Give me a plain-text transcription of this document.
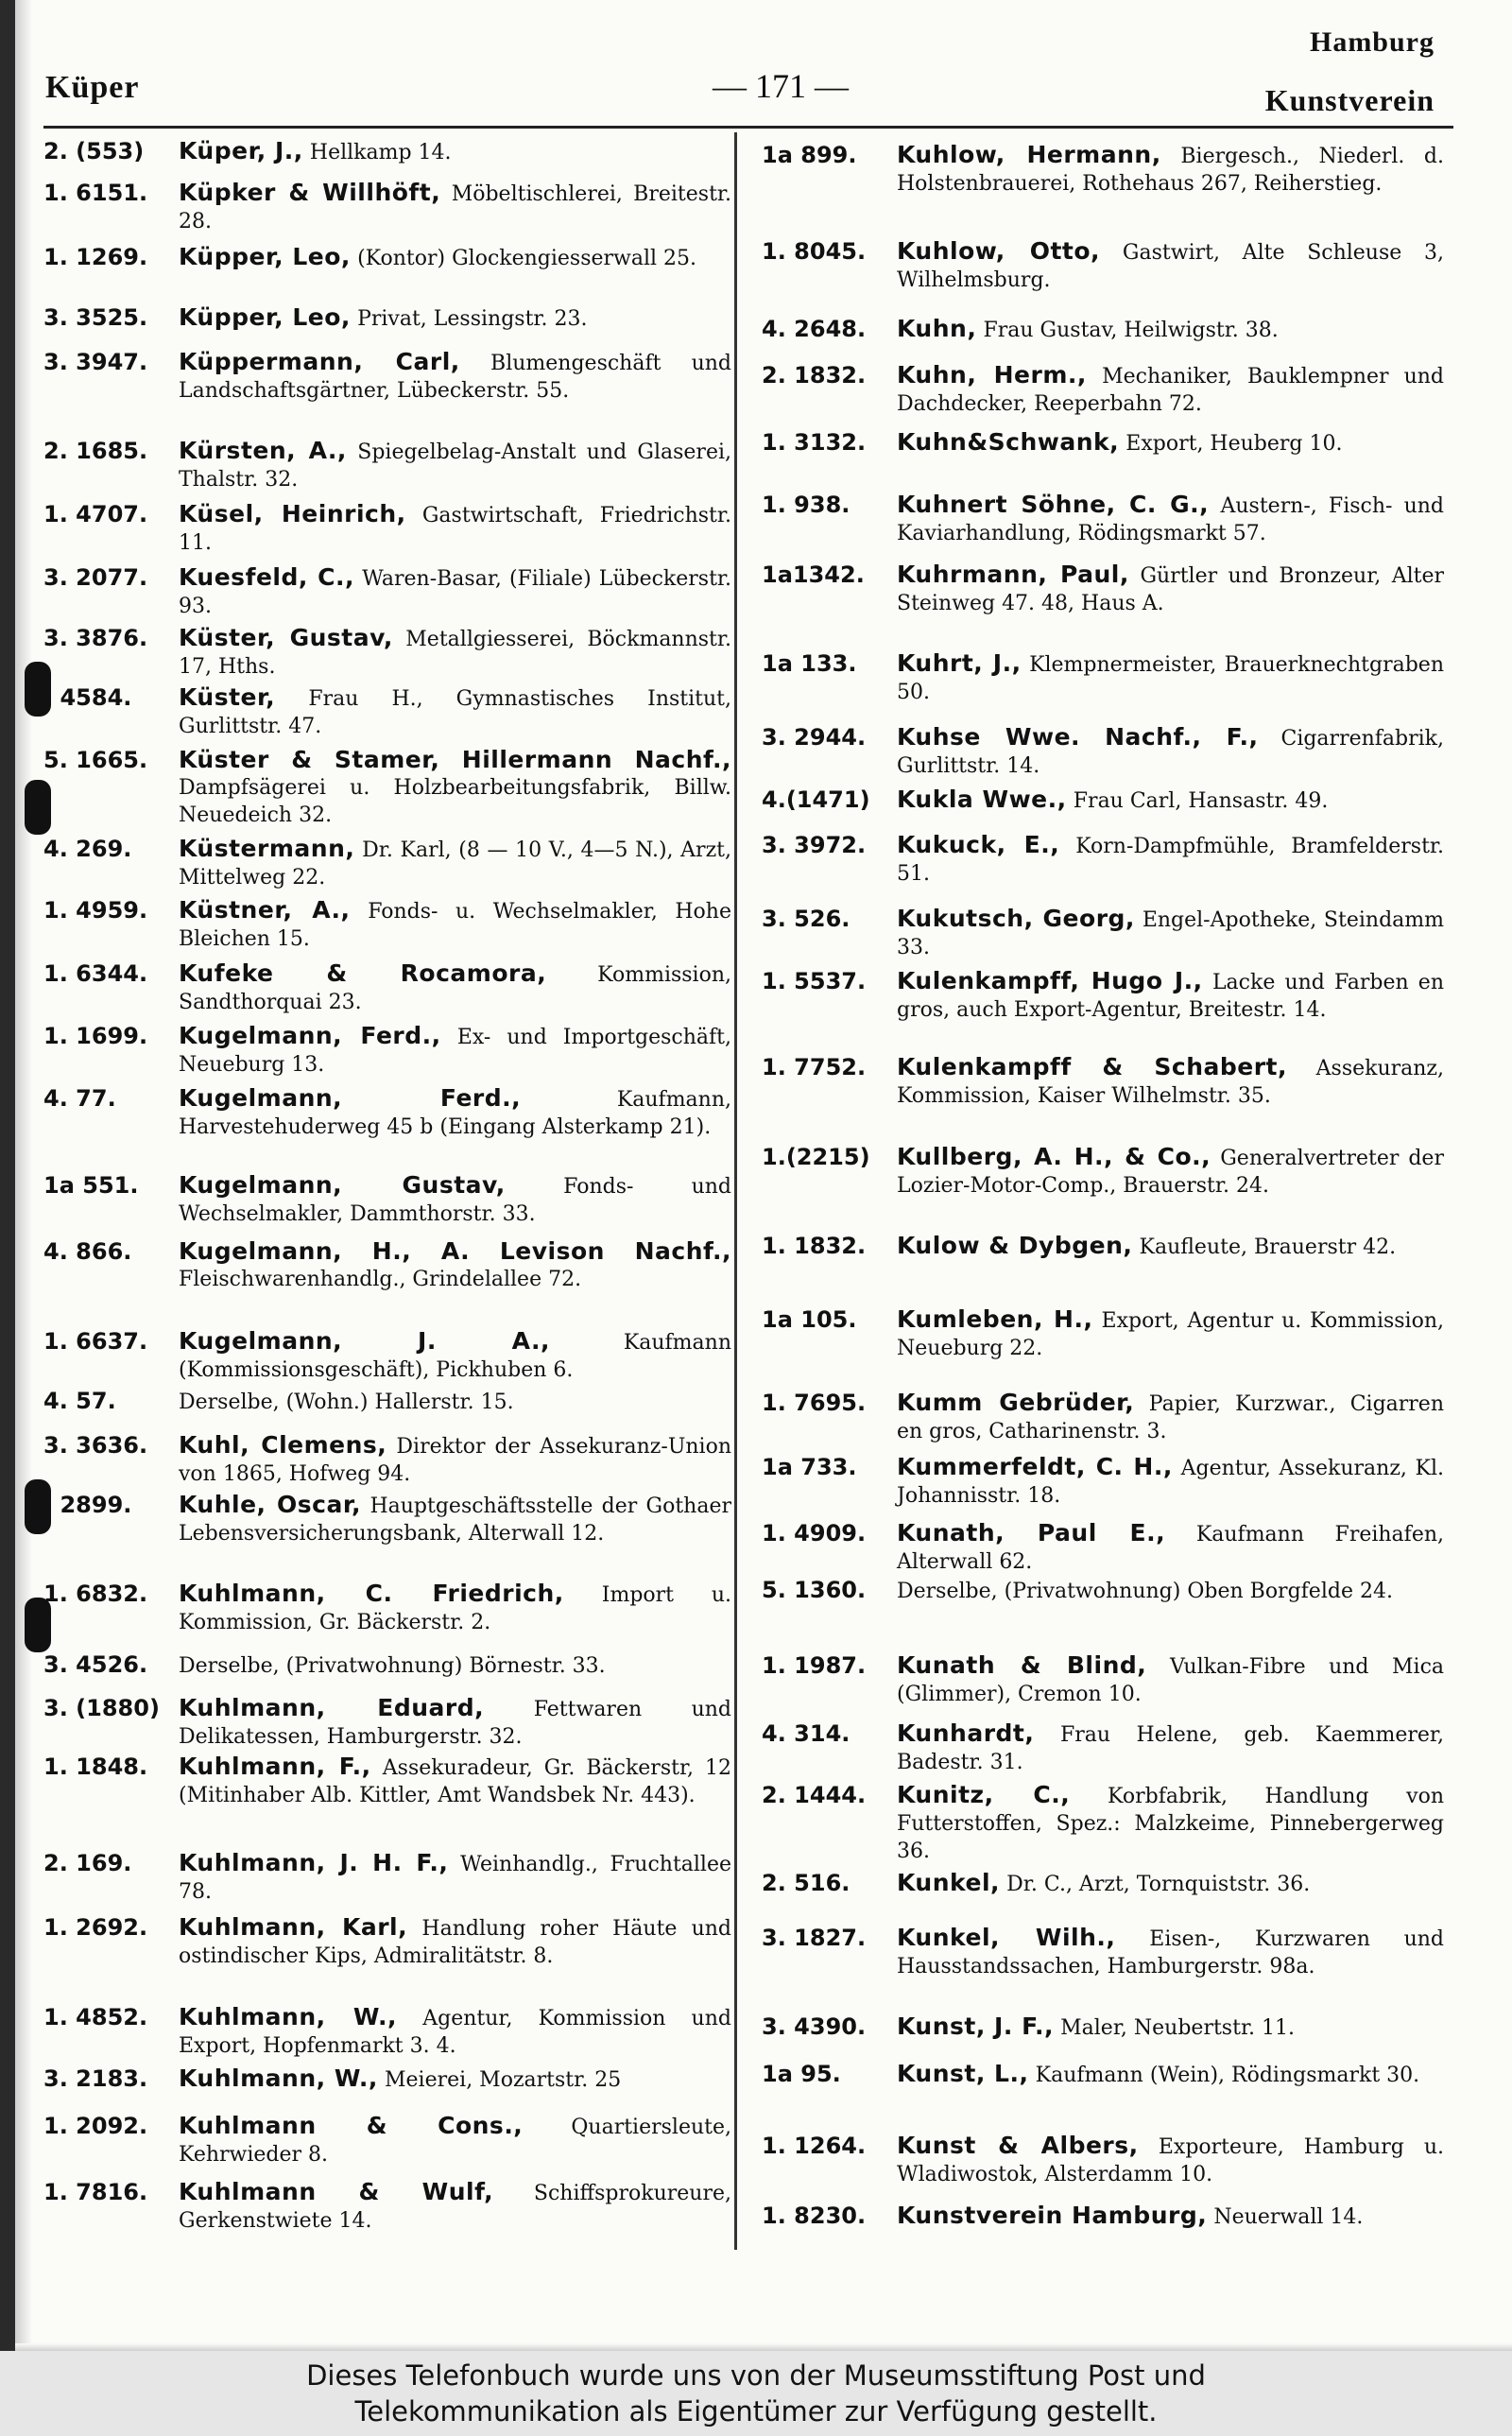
Küper	— 171 —
Hamburg
Kunstverein
2. (553)	Küper, J., Hellkamp 14.
1. 6151.	Küpker & Willhöft, Möbeltischlerei, Breitestr. 28.
1. 1269.	Küpper, Leo, (Kontor) Glockengiesserwall 25.
3. 3525.	Küpper, Leo, Privat, Lessingstr. 23.
3. 3947.	Küppermann, Carl, Blumengeschäft und Landschaftsgärtner, Lübeckerstr. 55.
2. 1685.	Kürsten, A., Spiegelbelag-Anstalt und Glaserei, Thalstr. 32.
1. 4707.	Küsel, Heinrich, Gastwirtschaft, Friedrichstr. 11.
3. 2077.	Kuesfeld, C., Waren-Basar, (Filiale) Lübeckerstr. 93.
3. 3876.	Küster, Gustav, Metallgiesserei, Böckmannstr. 17, Hths.
. 4584.	Küster, Frau H., Gymnastisches Institut, Gurlittstr. 47.
5. 1665.	Küster & Stamer, Hillermann Nachf., Dampfsägerei u. Holzbearbeitungsfabrik, Billw. Neuedeich 32.
4. 269.	Küstermann, Dr. Karl, (8 — 10 V., 4—5 N.), Arzt, Mittelweg 22.
1. 4959.	Küstner, A., Fonds- u. Wechselmakler, Hohe Bleichen 15.
1. 6344.	Kufeke & Rocamora, Kommission, Sandthorquai 23.
1. 1699.	Kugelmann, Ferd., Ex- und Importgeschäft, Neueburg 13.
4. 77.	Kugelmann, Ferd.,	Kaufmann, Harvestehuderweg 45 b (Eingang Alsterkamp 21).
1a 551.	Kugelmann, Gustav,	Fonds- und Wechselmakler, Dammthorstr. 33.
4. 866.	Kugelmann, H., A. Levison Nachf., Fleischwarenhandlg., Grindelallee 72.
1. 6637.	Kugelmann, J. A.,	Kaufmann (Kommissionsgeschäft), Pickhuben 6.
4. 57.	Derselbe, (Wohn.) Hallerstr. 15.
3. 3636.	Kuhl, Clemens, Direktor der Assekuranz-Union von 1865, Hofweg 94.
. 2899.	Kuhle, Oscar, Hauptgeschäftsstelle der Gothaer Lebensversicherungsbank, Alterwall 12.
1. 6832.	Kuhlmann, C. Friedrich, Import u. Kommission, Gr. Bäckerstr. 2.
3. 4526.	Derselbe, (Privatwohnung) Börnestr. 33.
3. (1880) Kuhlmann, Eduard, Fettwaren und Delikatessen, Hamburgerstr. 32.
1. 1848.	Kuhlmann, F., Assekuradeur, Gr. Bäckerstr, 12 (Mitinhaber Alb. Kittler, Amt Wandsbek Nr. 443).
2. 169.	Kuhlmann, J. H. F., Weinhandlg., Fruchtallee 78.
1. 2692.	Kuhlmann, Karl, Handlung roher Häute und ostindischer Kips, Admiralitätstr. 8.
1. 4852.	Kuhlmann, W., Agentur, Kommission und Export, Hopfenmarkt 3. 4.
3. 2183.	Kuhlmann, W., Meierei, Mozartstr. 25
1. 2092.	Kuhlmann & Cons., Quartiersleute, Kehrwieder 8.
1. 7816.	Kuhlmann & Wulf, Schiffsprokureure, Gerkenstwiete 14.
1a 899.	Kuhlow, Hermann, Biergesch., Niederl. d. Holstenbrauerei, Rothehaus 267, Reiherstieg.
1. 8045.	Kuhlow, Otto, Gastwirt, Alte Schleuse 3, Wilhelmsburg.
4. 2648.	Kuhn, Frau Gustav, Heilwigstr. 38.
2. 1832.	Kuhn, Herm., Mechaniker, Bauklempner und Dachdecker, Reeperbahn 72.
1. 3132.	Kuhn&Schwank, Export, Heuberg 10.
1. 938.	Kuhnert Söhne, C. G., Austern-, Fisch- und Kaviarhandlung, Rödingsmarkt 57.
1a1342.	Kuhrmann, Paul, Gürtler und Bronzeur, Alter Steinweg 47. 48, Haus A.
1a 133.	Kuhrt, J., Klempnermeister, Brauerknechtgraben 50.
3. 2944.	Kuhse Wwe. Nachf., F., Cigarrenfabrik, Gurlittstr. 14.
4.(1471)	Kukla Wwe., Frau Carl, Hansastr. 49.
3. 3972.	Kukuck, E., Korn-Dampfmühle, Bramfelderstr. 51.
3. 526.	Kukutsch, Georg, Engel-Apotheke, Steindamm 33.
1. 5537.	Kulenkampff, Hugo J., Lacke und Farben en gros, auch Export-Agentur, Breitestr. 14.
1. 7752.	Kulenkampff & Schabert, Assekuranz, Kommission, Kaiser Wilhelmstr. 35.
1.(2215)	Kullberg, A. H., & Co., Generalvertreter der Lozier-Motor-Comp., Brauerstr. 24.
1. 1832.	Kulow & Dybgen, Kaufleute, Brauerstr 42.
1a 105.	Kumleben, H., Export, Agentur u. Kommission, Neueburg 22.
1. 7695.	Kumm Gebrüder, Papier, Kurzwar., Cigarren en gros, Catharinenstr. 3.
1a 733.	Kummerfeldt, C. H., Agentur, Assekuranz, Kl. Johannisstr. 18.
1. 4909.	Kunath, Paul E., Kaufmann Freihafen, Alterwall 62.
5. 1360.	Derselbe, (Privatwohnung) Oben Borgfelde 24.
1. 1987.	Kunath & Blind, Vulkan-Fibre und Mica (Glimmer), Cremon 10.
4. 314.	Kunhardt, Frau Helene, geb. Kaemmerer, Badestr. 31.
2. 1444.	Kunitz, C., Korbfabrik, Handlung von Futterstoffen, Spez.: Malzkeime, Pinnebergerweg 36.
2. 516.	Kunkel, Dr. C., Arzt, Tornquiststr. 36.
3. 1827.	Kunkel, Wilh., Eisen-, Kurzwaren und Hausstandssachen, Hamburgerstr. 98a.
3. 4390.	Kunst, J. F., Maler, Neubertstr. 11.
1a 95.	Kunst, L., Kaufmann (Wein), Rödingsmarkt 30.
1. 1264.	Kunst & Albers, Exporteure, Hamburg u. Wladiwostok, Alsterdamm 10.
1. 8230.	Kunstverein Hamburg, Neuerwall 14.
Dieses Telefonbuch wurde uns von der Museumsstiftung Post und
Telekommunikation als Eigentümer zur Verfügung gestellt.
